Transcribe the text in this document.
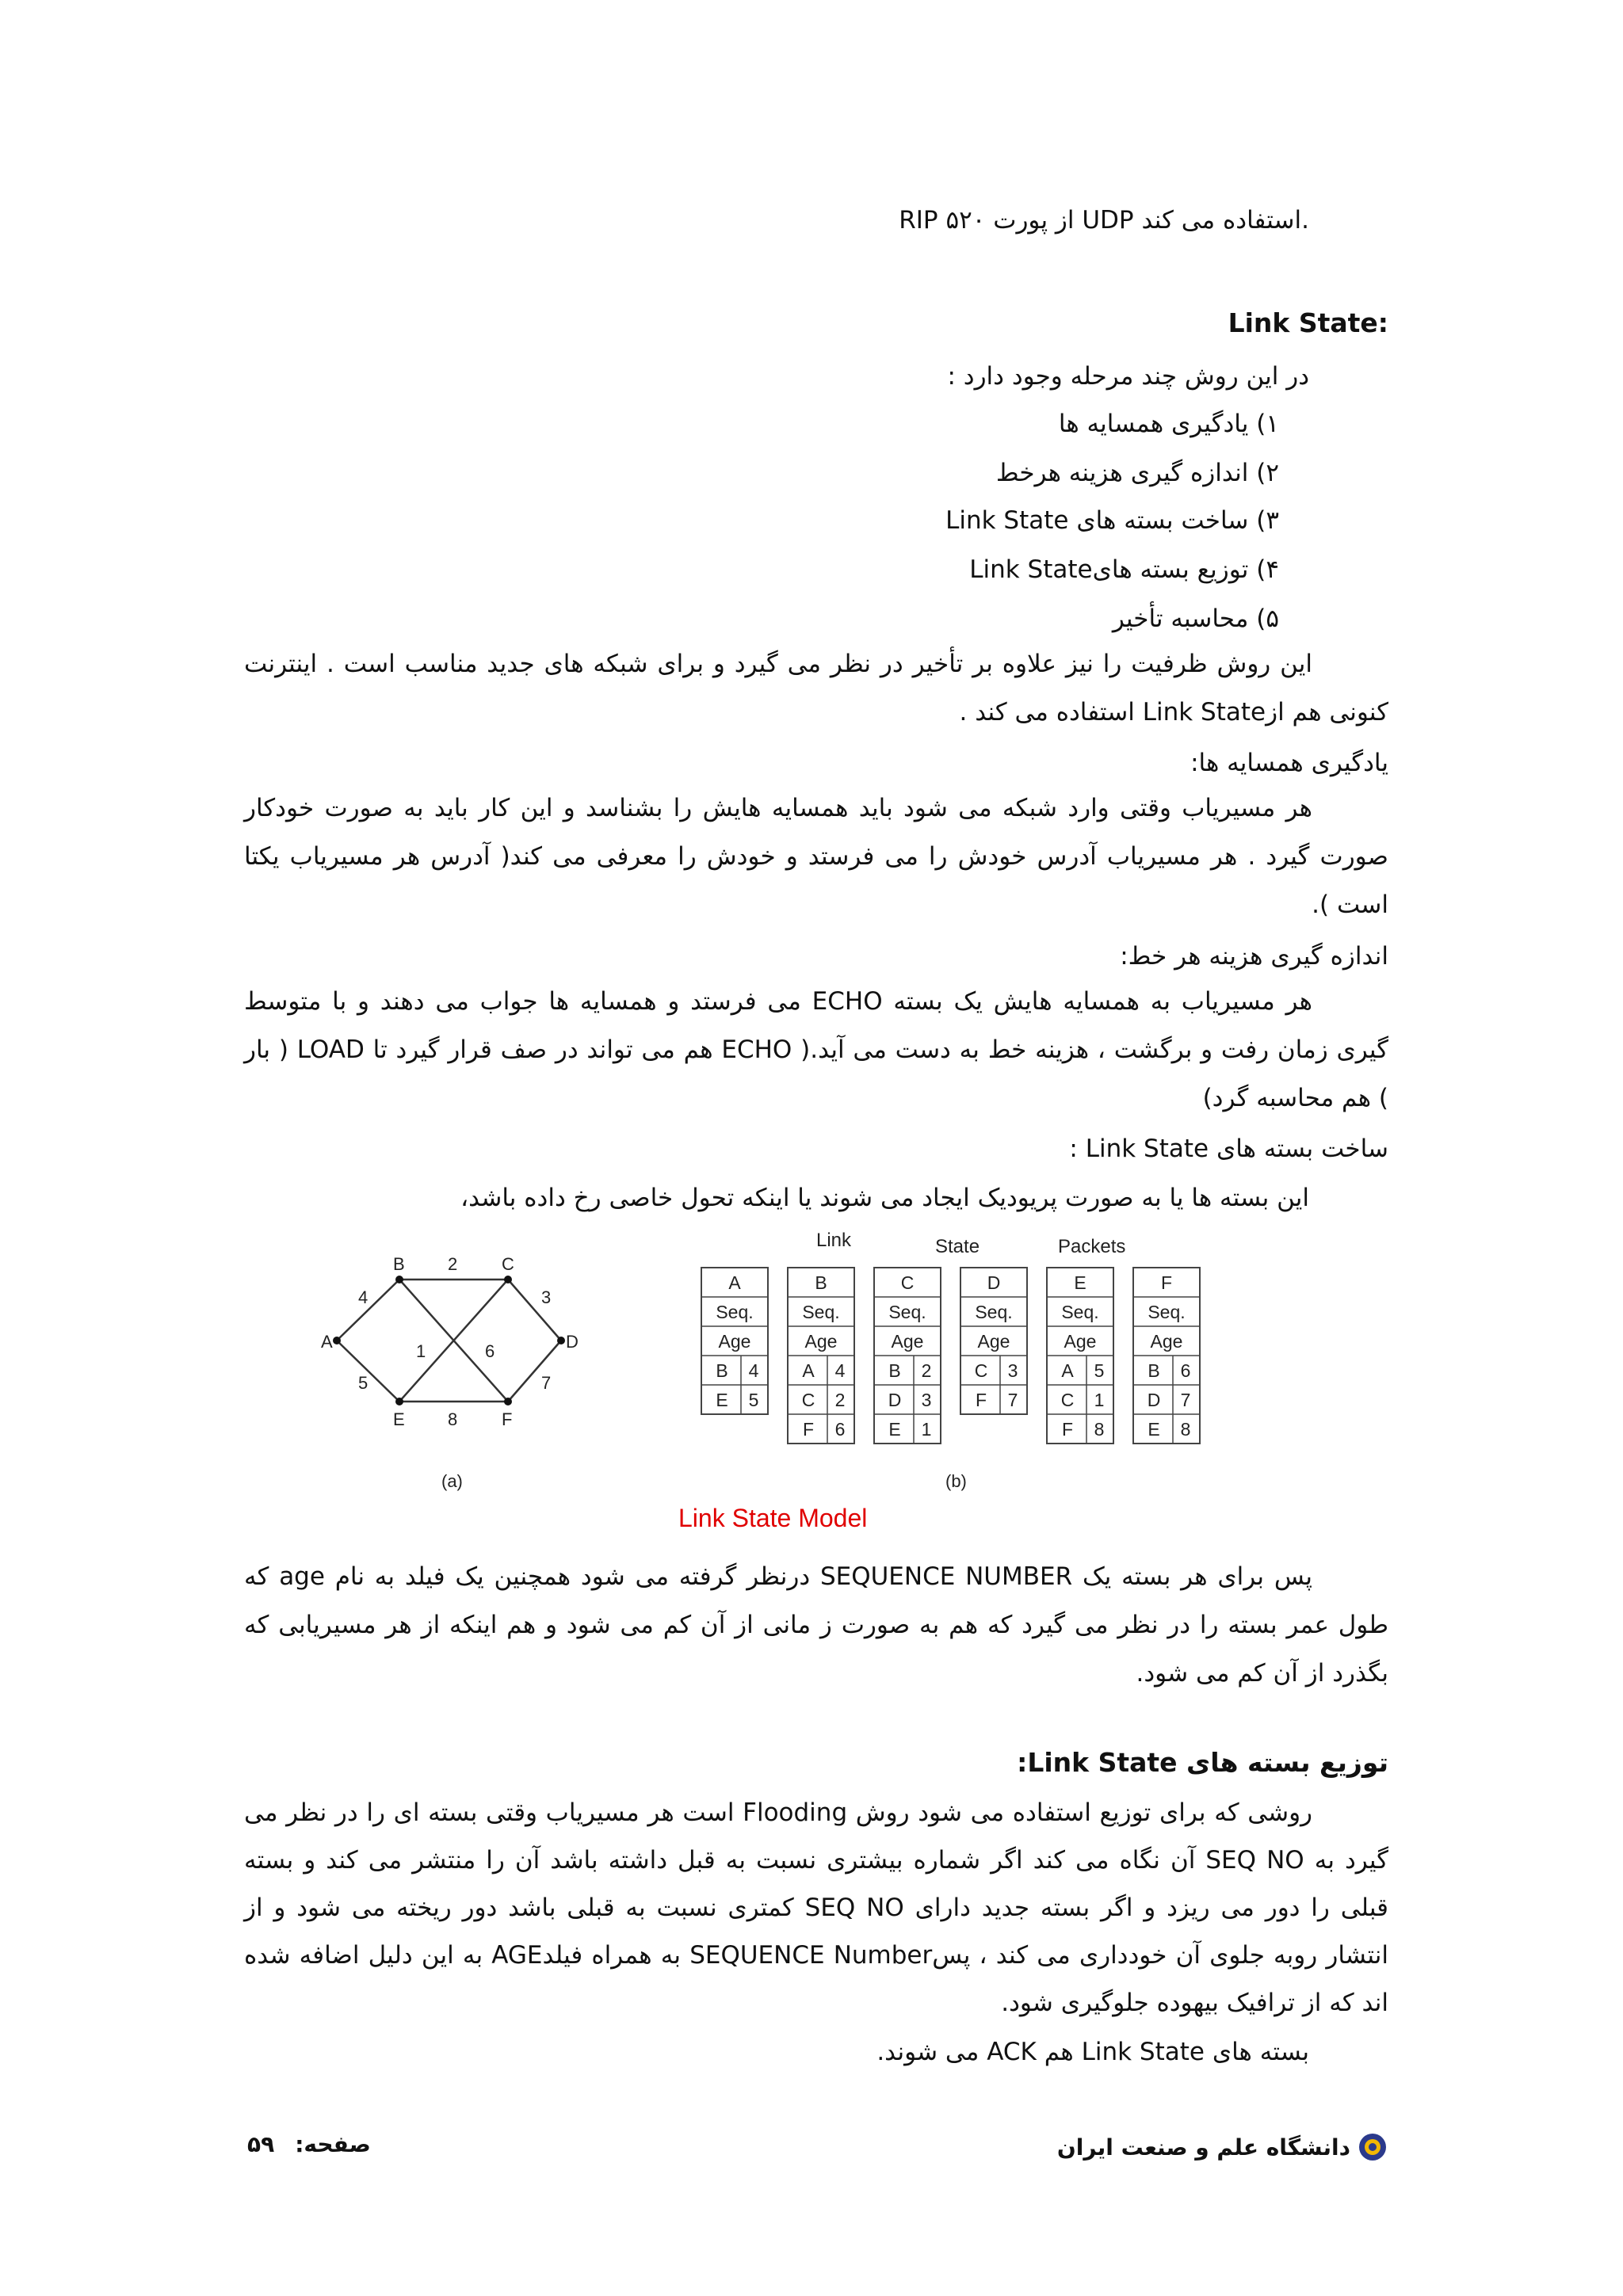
RIP از پورت ۵۲۰ UDP استفاده می کند.
Link State:
در این روش چند مرحله وجود دارد :
۱) یادگیری همسایه ها
۲) اندازه گیری هزینه هرخط
۳) ساخت بسته های Link State
۴) توزیع بسته هایLink State
۵) محاسبه تأخیر
این روش ظرفیت را نیز علاوه بر تأخیر در نظر می گیرد و برای شبکه های جدید مناسب است . اینترنت کنونی هم ازLink State استفاده می کند .
یادگیری همسایه ها:
هر مسیریاب وقتی وارد شبکه می شود باید همسایه هایش را بشناسد و این کار باید به صورت خودکار صورت گیرد . هر مسیریاب آدرس خودش را می فرستد و خودش را معرفی می کند( آدرس هر مسیریاب یکتا است ).
اندازه گیری هزینه هر خط:
هر مسیریاب به همسایه هایش یک بسته ECHO می فرستد و همسایه ها جواب می دهند و با متوسط گیری زمان رفت و برگشت ، هزینه خط به دست می آید.( ECHO هم می تواند در صف قرار گیرد تا LOAD ( بار ) هم محاسبه گرد)
ساخت بسته های Link State :
این بسته ها یا به صورت پریودیک ایجاد می شوند یا اینکه تحول خاصی رخ داده باشد،
A
B	C
D
E	F
2
4	3
1	6
5	7
8
(a)
Link	State	Packets
(b)
A
Seq.
Age
B 4
E 5
B
Seq.
Age
A 4
C 2
F 6
C
Seq.
Age
B 2
D 3
E 1
D
Seq.
Age
C 3
F 7
E
Seq.
Age
A 5
C 1
F 8
F
Seq.
Age
B 6
D 7
E 8
Link State Model
پس برای هر بسته یک SEQUENCE NUMBER درنظر گرفته می شود همچنین یک فیلد به نام age که طول عمر بسته را در نظر می گیرد که هم به صورت ز مانی از آن کم می شود و هم اینکه از هر مسیریابی که بگذرد از آن کم می شود.
توزیع بسته های Link State:
روشی که برای توزیع استفاده می شود روش Flooding است هر مسیریاب وقتی بسته ای را در نظر می گیرد به SEQ NO آن نگاه می کند اگر شماره بیشتری نسبت به قبل داشته باشد آن را منتشر می کند و بسته قبلی را دور می ریزد و اگر بسته جدید دارای SEQ NO کمتری نسبت به قبلی باشد دور ریخته می شود و از انتشار روبه جلوی آن خودداری می کند ، پسSEQUENCE Number به همراه فیلدAGE به این دلیل اضافه شده اند که از ترافیک بیهوده جلوگیری شود.
بسته های Link State هم ACK می شوند.
دانشگاه علم و صنعت ایران
صفحه:
۵۹
